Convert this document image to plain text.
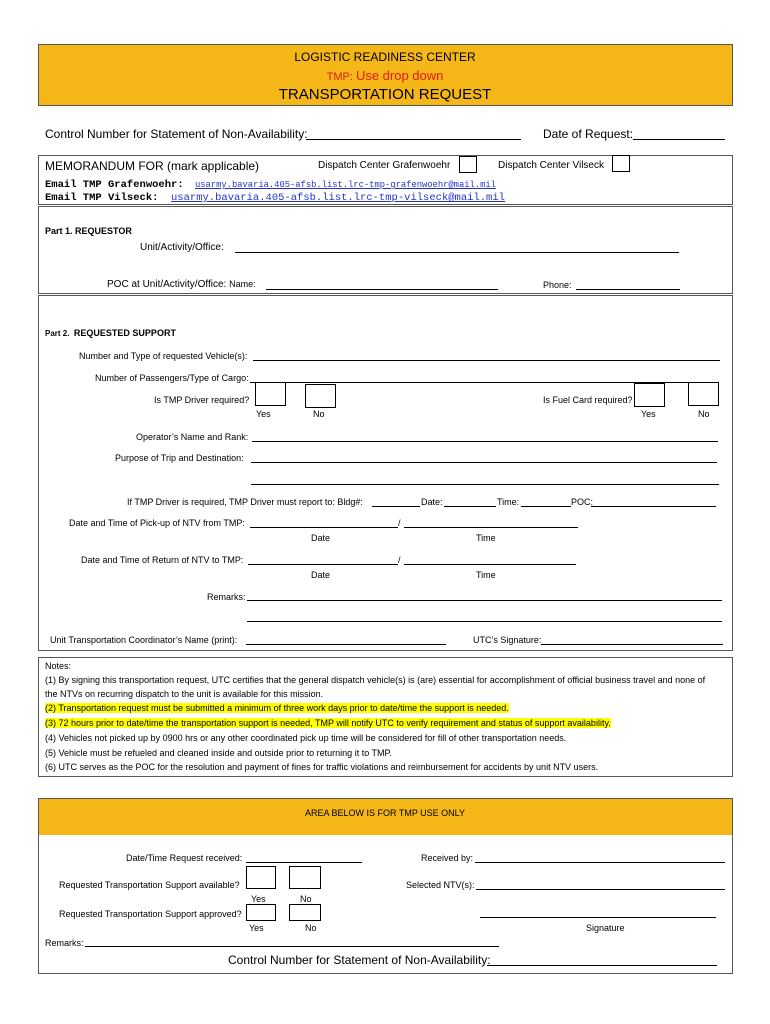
LOGISTIC READINESS CENTER
TMP: Use drop down
TRANSPORTATION REQUEST
Control Number for Statement of Non-Availability:	Date of Request:
MEMORANDUM FOR (mark applicable)	Dispatch Center Grafenwoehr	Dispatch Center Vilseck
Email TMP Grafenwoehr: usarmy.bavaria.405-afsb.list.lrc-tmp-grafenwoehr@mail.mil
Email TMP Vilseck: usarmy.bavaria.405-afsb.list.lrc-tmp-vilseck@mail.mil
Part 1. REQUESTOR
Unit/Activity/Office:
POC at Unit/Activity/Office: Name:	Phone:
Part 2. REQUESTED SUPPORT
Number and Type of requested Vehicle(s):
Number of Passengers/Type of Cargo:
Is TMP Driver required?
Yes	No
Is Fuel Card required?
Yes	No
Operator’s Name and Rank:
Purpose of Trip and Destination:
If TMP Driver is required, TMP Driver must report to: Bldg#:	Date:	Time:	POC:
Date and Time of Pick-up of NTV from TMP:	/
Date	Time
Date and Time of Return of NTV to TMP:	/
Date	Time
Remarks:
Unit Transportation Coordinator’s Name (print):	UTC’s Signature:
Notes:
(1) By signing this transportation request, UTC certifies that the general dispatch vehicle(s) is (are) essential for accomplishment of official business travel and none of
the NTVs on recurring dispatch to the unit is available for this mission.
(2) Transportation request must be submitted a minimum of three work days prior to date/time the support is needed.
(3) 72 hours prior to date/time the transportation support is needed, TMP will notify UTC to verify requirement and status of support availability.
(4) Vehicles not picked up by 0900 hrs or any other coordinated pick up time will be considered for fill of other transportation needs.
(5) Vehicle must be refueled and cleaned inside and outside prior to returning it to TMP.
(6) UTC serves as the POC for the resolution and payment of fines for traffic violations and reimbursement for accidents by unit NTV users.
AREA BELOW IS FOR TMP USE ONLY
Date/Time Request received:	Received by:
Requested Transportation Support available?
Yes	No
Selected NTV(s):
Requested Transportation Support approved?
Yes	No	Signature
Remarks:
Control Number for Statement of Non-Availability:
